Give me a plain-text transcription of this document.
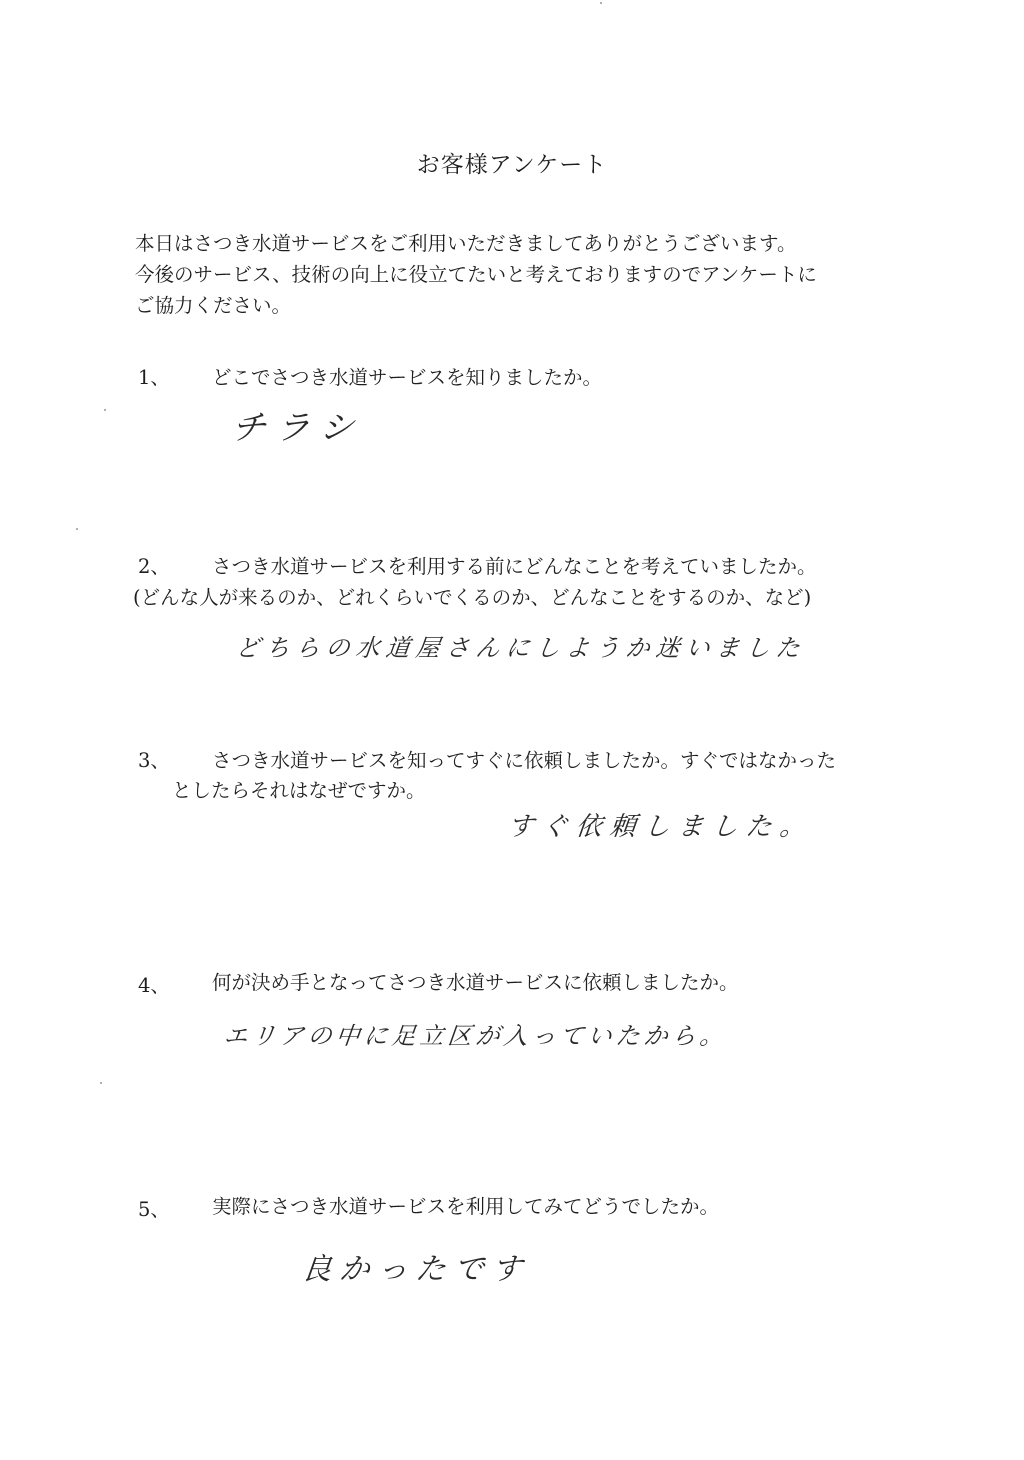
お客様アンケート

本日はさつき水道サービスをご利用いただきましてありがとうございます。

今後のサービス、技術の向上に役立てたいと考えておりますのでアンケートに

ご協力ください。

1、 どこでさつき水道サービスを知りましたか。
チラシ
2、 さつき水道サービスを利用する前にどんなことを考えていましたか。
(どんな人が来るのか、どれくらいでくるのか、どんなことをするのか、など)
どちらの水道屋さんにしようか迷いました
3、 さつき水道サービスを知ってすぐに依頼しましたか。すぐではなかった
としたらそれはなぜですか。
すぐ依頼しました。
4、 何が決め手となってさつき水道サービスに依頼しましたか。
エリアの中に足立区が入っていたから。
5、 実際にさつき水道サービスを利用してみてどうでしたか。
良かったです
